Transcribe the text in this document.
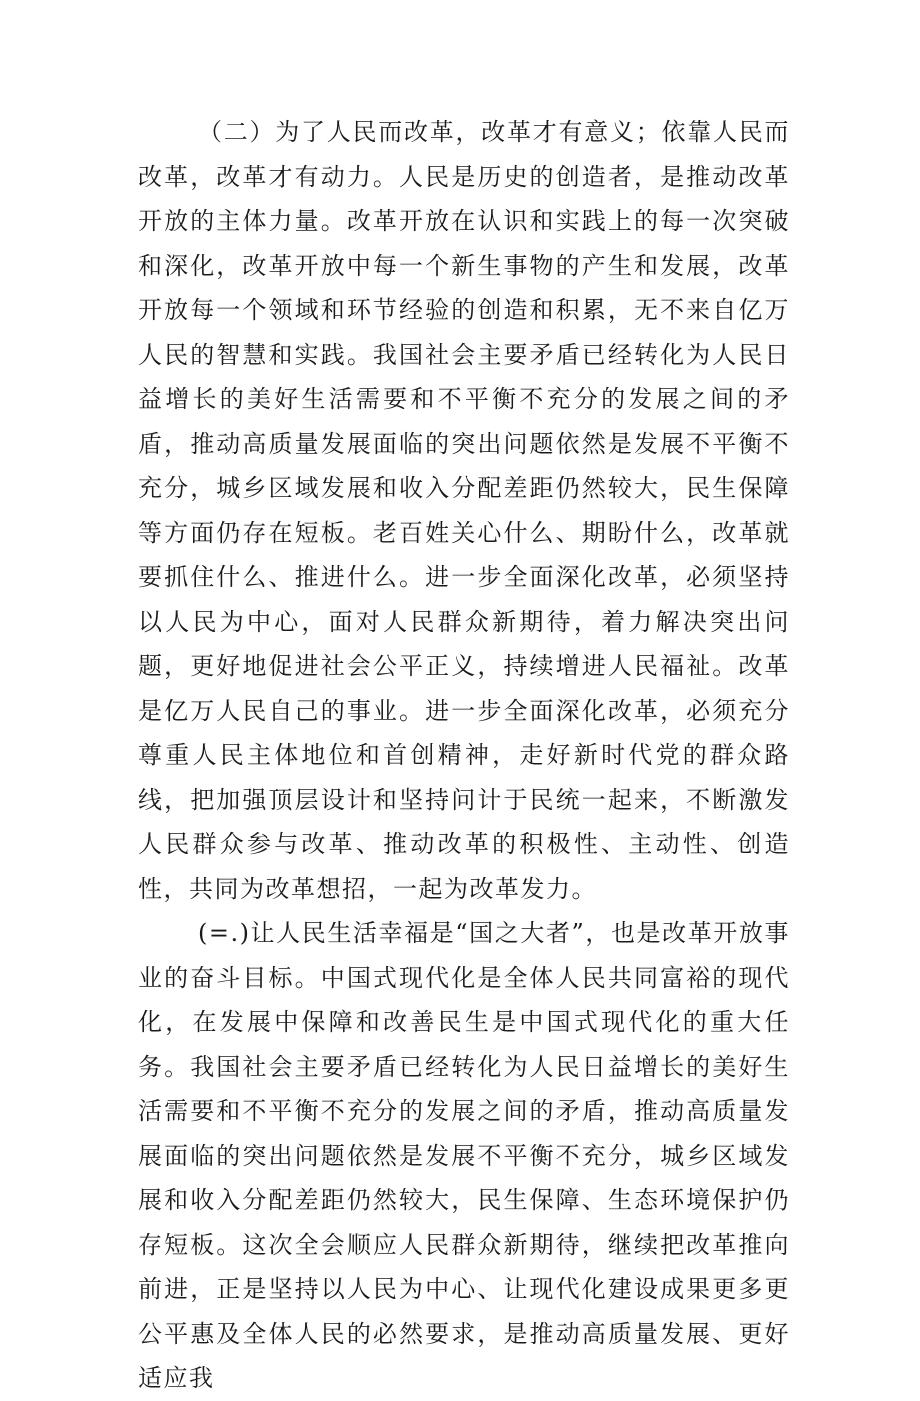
（二）为了人民而改革，改革才有意义；依靠人民而改革，改革才有动力。人民是历史的创造者，是推动改革开放的主体力量。改革开放在认识和实践上的每一次突破和深化，改革开放中每一个新生事物的产生和发展，改革开放每一个领域和环节经验的创造和积累，无不来自亿万人民的智慧和实践。我国社会主要矛盾已经转化为人民日益增长的美好生活需要和不平衡不充分的发展之间的矛盾，推动高质量发展面临的突出问题依然是发展不平衡不充分，城乡区域发展和收入分配差距仍然较大，民生保障等方面仍存在短板。老百姓关心什么、期盼什么，改革就要抓住什么、推进什么。进一步全面深化改革，必须坚持以人民为中心，面对人民群众新期待，着力解决突出问题，更好地促进社会公平正义，持续增进人民福祉。改革是亿万人民自己的事业。进一步全面深化改革，必须充分尊重人民主体地位和首创精神，走好新时代党的群众路线，把加强顶层设计和坚持问计于民统一起来，不断激发人民群众参与改革、推动改革的积极性、主动性、创造性，共同为改革想招，一起为改革发力。

(=.)让人民生活幸福是“国之大者”，也是改革开放事业的奋斗目标。中国式现代化是全体人民共同富裕的现代化，在发展中保障和改善民生是中国式现代化的重大任务。我国社会主要矛盾已经转化为人民日益增长的美好生活需要和不平衡不充分的发展之间的矛盾，推动高质量发展面临的突出问题依然是发展不平衡不充分，城乡区域发展和收入分配差距仍然较大，民生保障、生态环境保护仍存短板。这次全会顺应人民群众新期待，继续把改革推向前进，正是坚持以人民为中心、让现代化建设成果更多更公平惠及全体人民的必然要求，是推动高质量发展、更好适应我
